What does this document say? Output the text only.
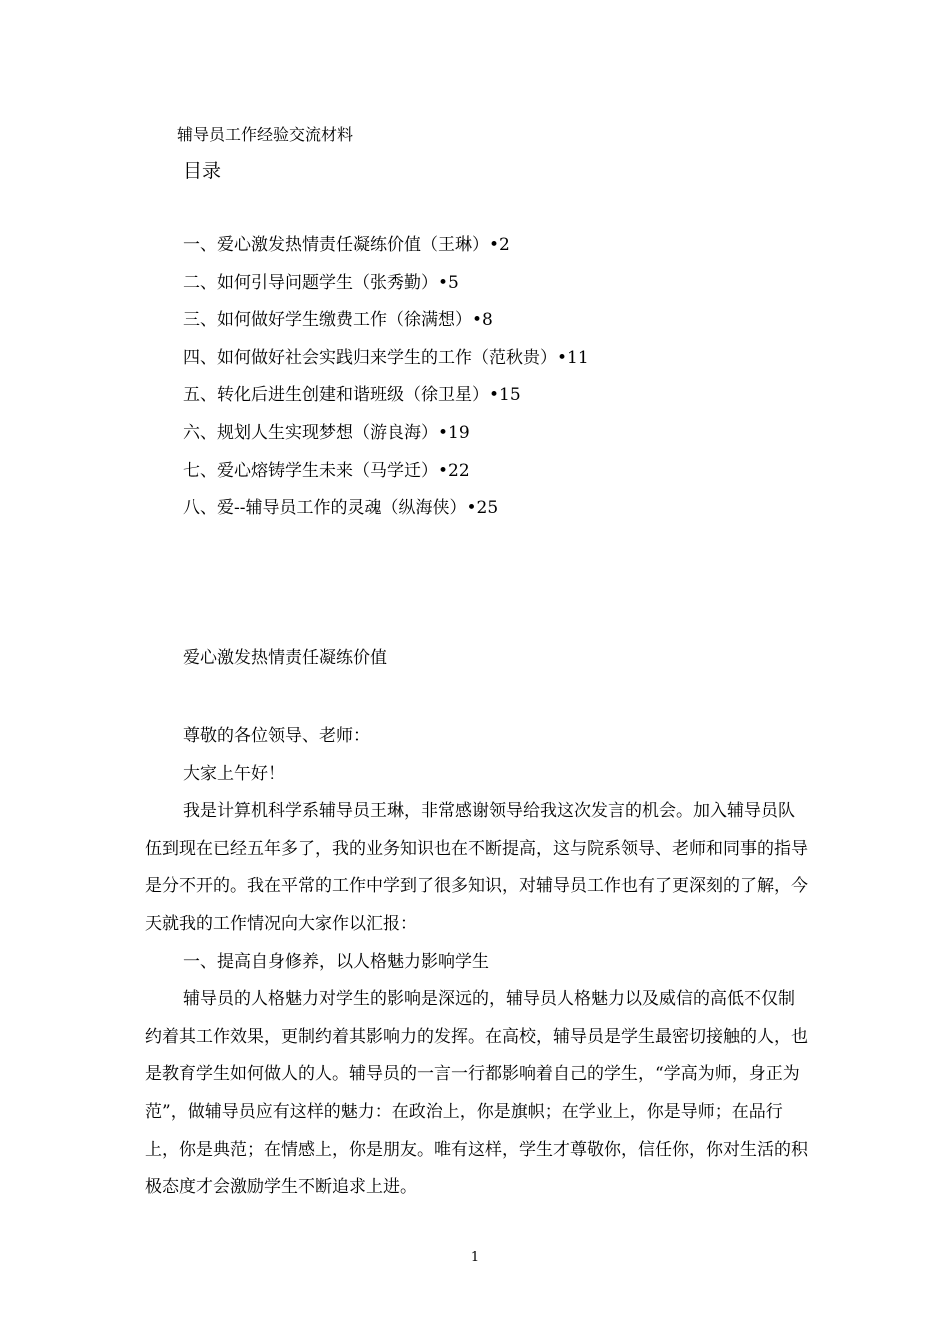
辅导员工作经验交流材料
目录
一、爱心激发热情责任凝练价值（王琳）•2
二、如何引导问题学生（张秀勤）•5
三、如何做好学生缴费工作（徐满想）•8
四、如何做好社会实践归来学生的工作（范秋贵）•11
五、转化后进生创建和谐班级（徐卫星）•15
六、规划人生实现梦想（游良海）•19
七、爱心熔铸学生未来（马学迁）•22
八、爱--辅导员工作的灵魂（纵海侠）•25
爱心激发热情责任凝练价值

尊敬的各位领导、老师：

大家上午好！

我是计算机科学系辅导员王琳，非常感谢领导给我这次发言的机会。加入辅导员队伍到现在已经五年多了，我的业务知识也在不断提高，这与院系领导、老师和同事的指导是分不开的。我在平常的工作中学到了很多知识，对辅导员工作也有了更深刻的了解，今天就我的工作情况向大家作以汇报：

一、提高自身修养，以人格魅力影响学生

辅导员的人格魅力对学生的影响是深远的，辅导员人格魅力以及威信的高低不仅制约着其工作效果，更制约着其影响力的发挥。在高校，辅导员是学生最密切接触的人，也是教育学生如何做人的人。辅导员的一言一行都影响着自己的学生，“学高为师，身正为范”，做辅导员应有这样的魅力：在政治上，你是旗帜；在学业上，你是导师；在品行上，你是典范；在情感上，你是朋友。唯有这样，学生才尊敬你，信任你，你对生活的积极态度才会激励学生不断追求上进。

1
